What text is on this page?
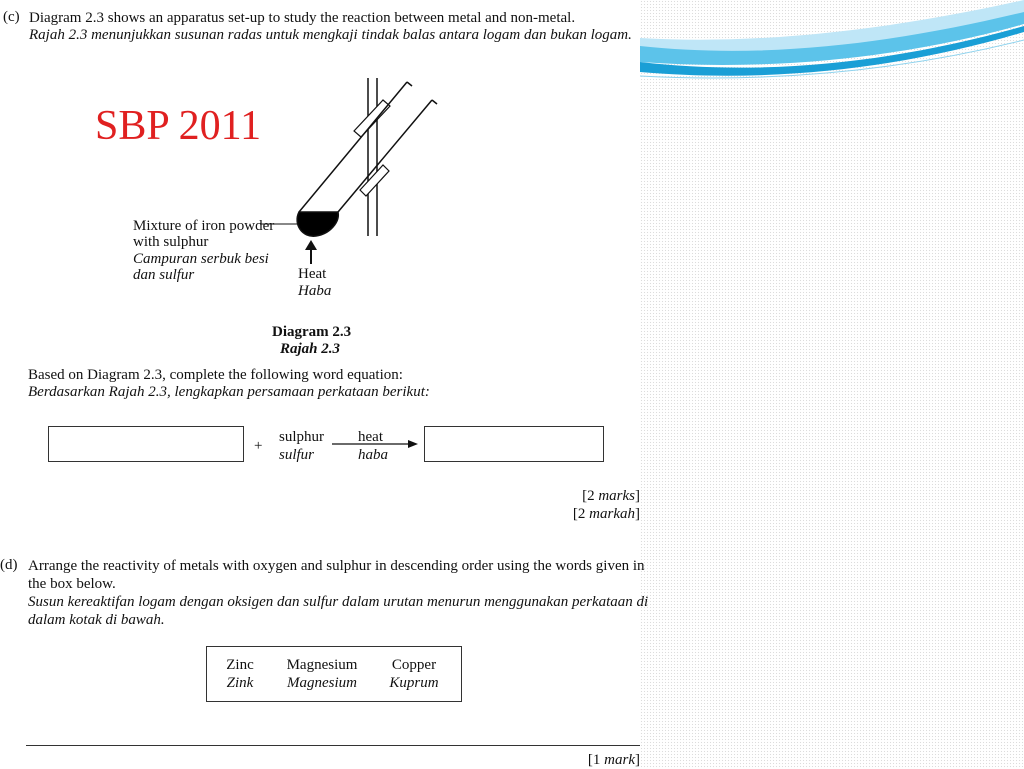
(c) Diagram 2.3 shows an apparatus set-up to study the reaction between metal and non-metal.
Rajah 2.3 menunjukkan susunan radas untuk mengkaji tindak balas antara logam dan bukan logam.
SBP 2011
Mixture of iron powder
with sulphur
Campuran serbuk besi
dan sulfur	Heat
Haba
Diagram 2.3
Rajah 2.3
Based on Diagram 2.3, complete the following word equation:
Berdasarkan Rajah 2.3, lengkapkan persamaan perkataan berikut:
+
sulphur
sulfur
heat
haba
[2 marks]
[2 markah]
(d) Arrange the reactivity of metals with oxygen and sulphur in descending order using the words given in
the box below.
Susun kereaktifan logam dengan oksigen dan sulfur dalam urutan menurun menggunakan perkataan di
dalam kotak di bawah.
Zinc
Zink
Magnesium
Magnesium
Copper
Kuprum
[1 mark]
